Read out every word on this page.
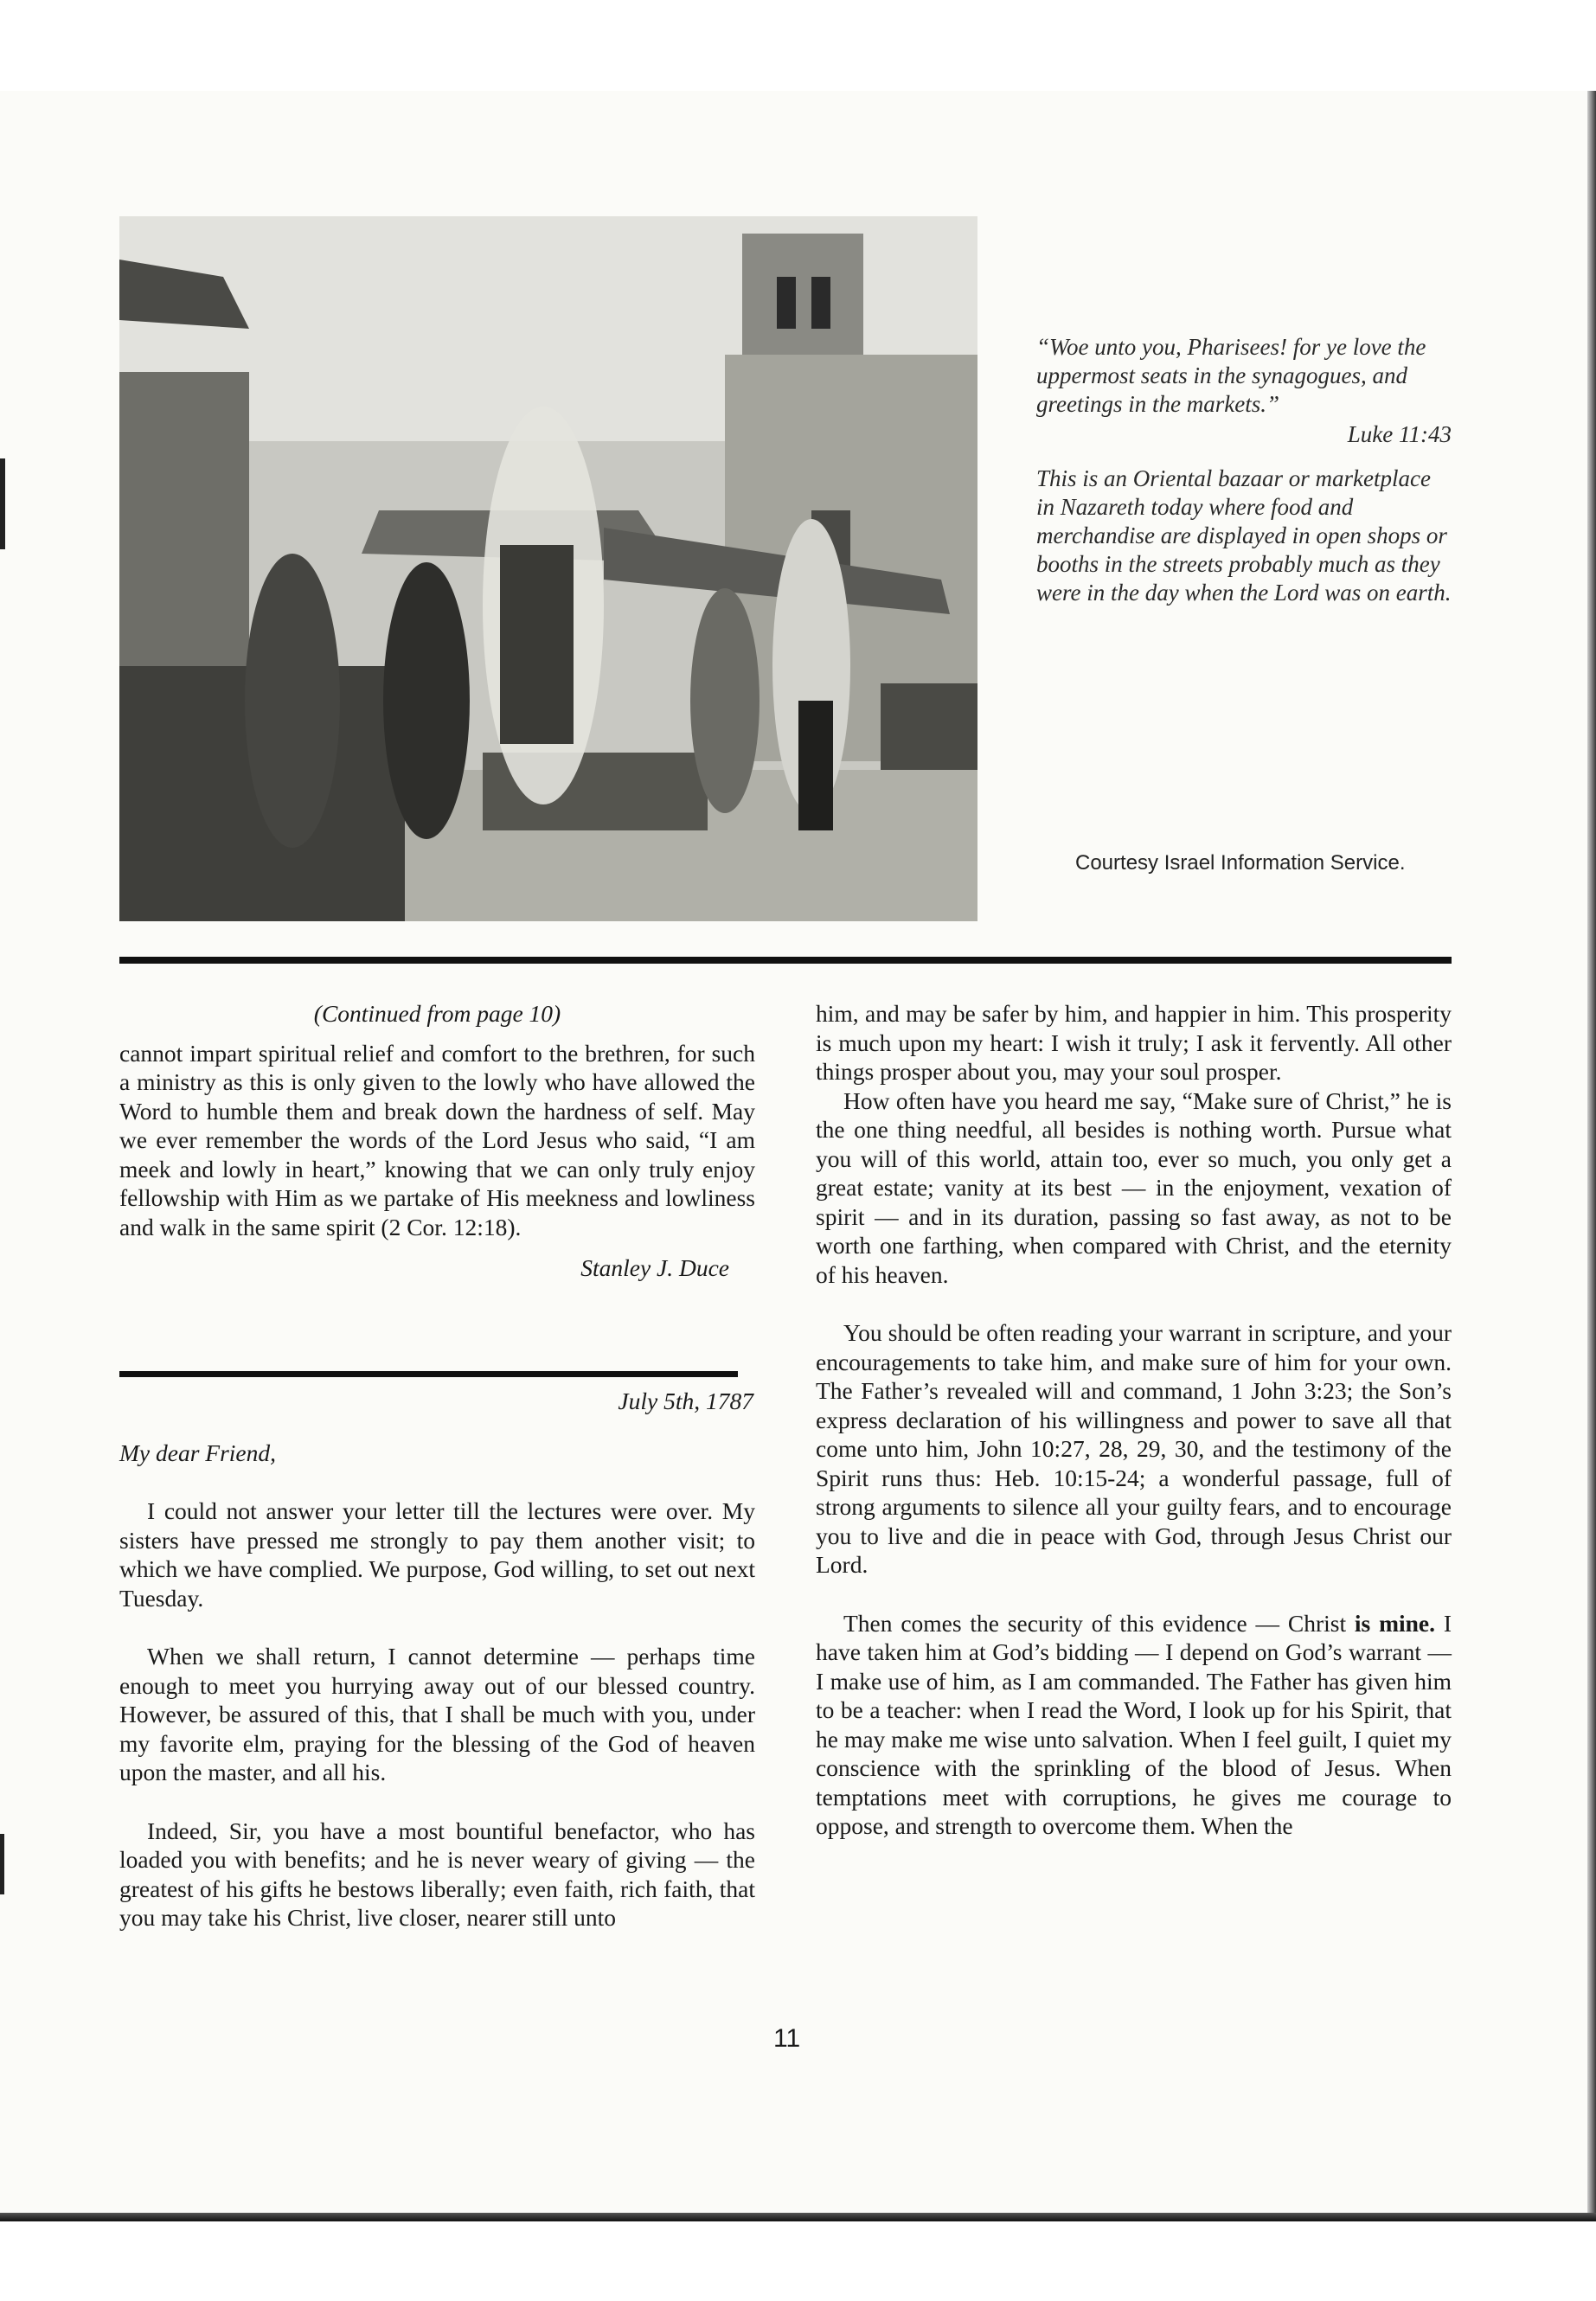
“Woe unto you, Pharisees! for ye love the uppermost seats in the synagogues, and greetings in the markets.”

Luke 11:43

This is an Oriental bazaar or marketplace in Nazareth today where food and merchandise are displayed in open shops or booths in the streets probably much as they were in the day when the Lord was on earth.

Courtesy Israel Information Service.

(Continued from page 10)

cannot impart spiritual relief and comfort to the brethren, for such a ministry as this is only given to the lowly who have allowed the Word to humble them and break down the hardness of self. May we ever remember the words of the Lord Jesus who said, “I am meek and lowly in heart,” knowing that we can only truly enjoy fellowship with Him as we partake of His meekness and lowliness and walk in the same spirit (2 Cor. 12:18).

Stanley J. Duce

July 5th, 1787

My dear Friend,

I could not answer your letter till the lectures were over. My sisters have pressed me strongly to pay them another visit; to which we have complied. We purpose, God willing, to set out next Tuesday.

When we shall return, I cannot determine — perhaps time enough to meet you hurrying away out of our blessed country. However, be assured of this, that I shall be much with you, under my favorite elm, praying for the blessing of the God of heaven upon the master, and all his.

Indeed, Sir, you have a most bountiful benefactor, who has loaded you with benefits; and he is never weary of giving — the greatest of his gifts he bestows liberally; even faith, rich faith, that you may take his Christ, live closer, nearer still unto

him, and may be safer by him, and happier in him. This prosperity is much upon my heart: I wish it truly; I ask it fervently. All other things prosper about you, may your soul prosper.

How often have you heard me say, “Make sure of Christ,” he is the one thing needful, all besides is nothing worth. Pursue what you will of this world, attain too, ever so much, you only get a great estate; vanity at its best — in the enjoyment, vexation of spirit — and in its duration, passing so fast away, as not to be worth one farthing, when compared with Christ, and the eternity of his heaven.

You should be often reading your warrant in scripture, and your encouragements to take him, and make sure of him for your own. The Father’s revealed will and command, 1 John 3:23; the Son’s express declaration of his willingness and power to save all that come unto him, John 10:27, 28, 29, 30, and the testimony of the Spirit runs thus: Heb. 10:15-24; a wonderful passage, full of strong arguments to silence all your guilty fears, and to encourage you to live and die in peace with God, through Jesus Christ our Lord.

Then comes the security of this evidence — Christ is mine. I have taken him at God’s bidding — I depend on God’s warrant — I make use of him, as I am commanded. The Father has given him to be a teacher: when I read the Word, I look up for his Spirit, that he may make me wise unto salvation. When I feel guilt, I quiet my conscience with the sprinkling of the blood of Jesus. When temptations meet with corruptions, he gives me courage to oppose, and strength to overcome them. When the

11
